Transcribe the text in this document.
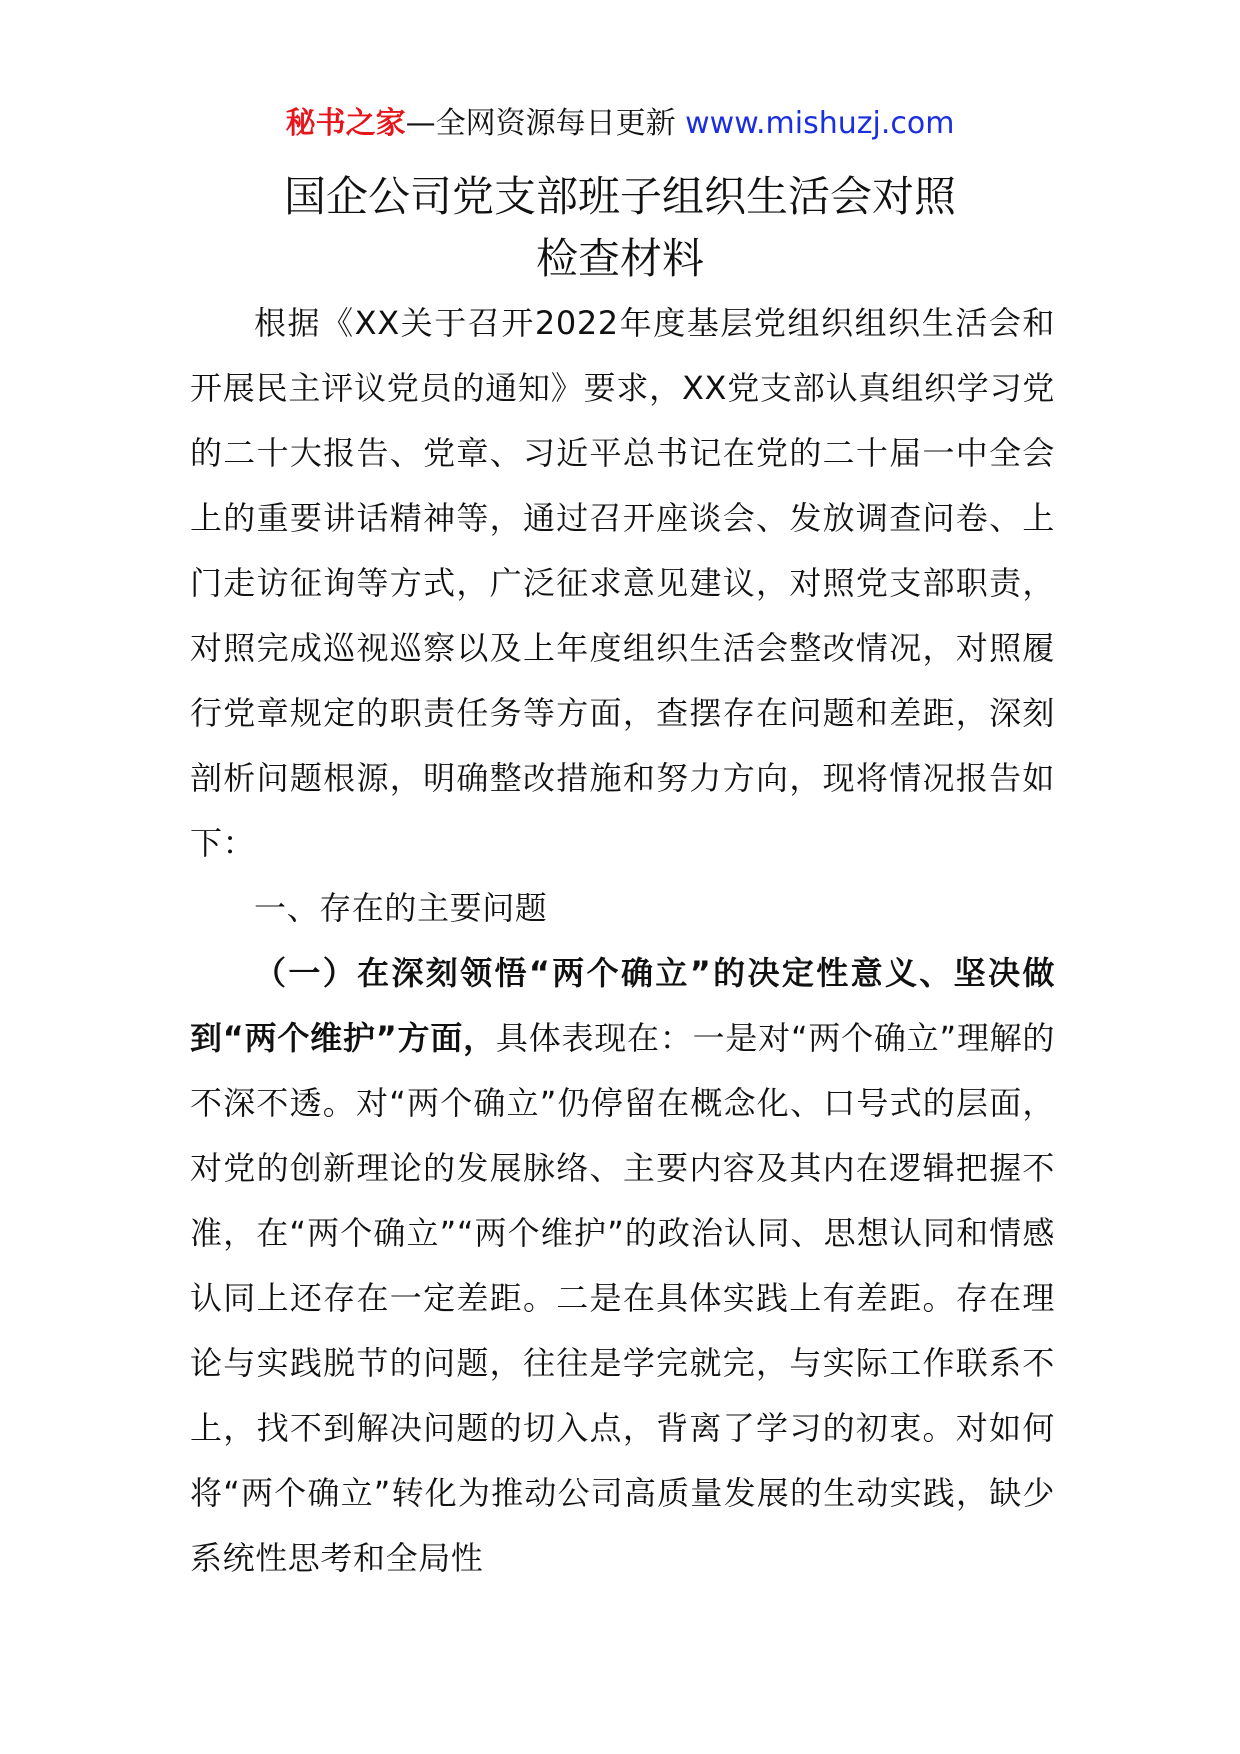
秘书之家—全网资源每日更新 www.mishuzj.com
国企公司党支部班子组织生活会对照
检查材料

根据《XX关于召开2022年度基层党组织组织生活会和开展民主评议党员的通知》要求，XX党支部认真组织学习党的二十大报告、党章、习近平总书记在党的二十届一中全会上的重要讲话精神等，通过召开座谈会、发放调查问卷、上门走访征询等方式，广泛征求意见建议，对照党支部职责，对照完成巡视巡察以及上年度组织生活会整改情况，对照履行党章规定的职责任务等方面，查摆存在问题和差距，深刻剖析问题根源，明确整改措施和努力方向，现将情况报告如下：

一、存在的主要问题

（一）在深刻领悟“两个确立”的决定性意义、坚决做到“两个维护”方面，具体表现在：一是对“两个确立”理解的不深不透。对“两个确立”仍停留在概念化、口号式的层面，对党的创新理论的发展脉络、主要内容及其内在逻辑把握不准，在“两个确立”“两个维护”的政治认同、思想认同和情感认同上还存在一定差距。二是在具体实践上有差距。存在理论与实践脱节的问题，往往是学完就完，与实际工作联系不上，找不到解决问题的切入点，背离了学习的初衷。对如何将“两个确立”转化为推动公司高质量发展的生动实践，缺少系统性思考和全局性
